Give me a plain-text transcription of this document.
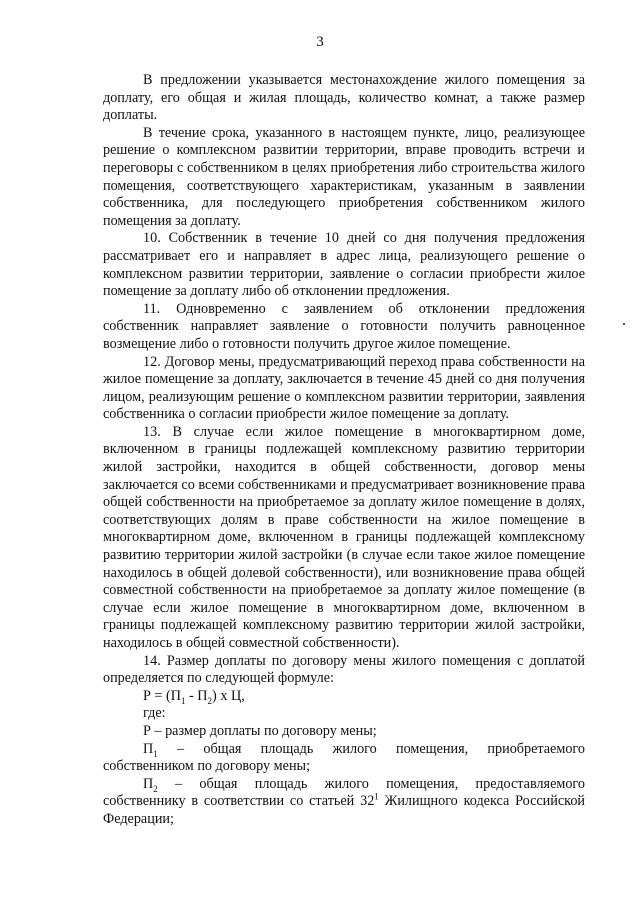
3

В предложении указывается местонахождение жилого помещения за доплату, его общая и жилая площадь, количество комнат, а также размер доплаты.

В течение срока, указанного в настоящем пункте, лицо, реализующее решение о комплексном развитии территории, вправе проводить встречи и переговоры с собственником в целях приобретения либо строительства жилого помещения, соответствующего характеристикам, указанным в заявлении собственника, для последующего приобретения собственником жилого помещения за доплату.

10. Собственник в течение 10 дней со дня получения предложения рассматривает его и направляет в адрес лица, реализующего решение о комплексном развитии территории, заявление о согласии приобрести жилое помещение за доплату либо об отклонении предложения.

11. Одновременно с заявлением об отклонении предложения собственник направляет заявление о готовности получить равноценное возмещение либо о готовности получить другое жилое помещение.

12. Договор мены, предусматривающий переход права собственности на жилое помещение за доплату, заключается в течение 45 дней со дня получения лицом, реализующим решение о комплексном развитии территории, заявления собственника о согласии приобрести жилое помещение за доплату.

13. В случае если жилое помещение в многоквартирном доме, включенном в границы подлежащей комплексному развитию территории жилой застройки, находится в общей собственности, договор мены заключается со всеми собственниками и предусматривает возникновение права общей собственности на приобретаемое за доплату жилое помещение в долях, соответствующих долям в праве собственности на жилое помещение в многоквартирном доме, включенном в границы подлежащей комплексному развитию территории жилой застройки (в случае если такое жилое помещение находилось в общей долевой собственности), или возникновение права общей совместной собственности на приобретаемое за доплату жилое помещение (в случае если жилое помещение в многоквартирном доме, включенном в границы подлежащей комплексному развитию территории жилой застройки, находилось в общей совместной собственности).

14. Размер доплаты по договору мены жилого помещения с доплатой определяется по следующей формуле:

$Р = (П_1 - П_2)$ х Ц,

где:

Р – размер доплаты по договору мены;

$П_1$ – общая площадь жилого помещения, приобретаемого собственником по договору мены;

$П_2$ – общая площадь жилого помещения, предоставляемого собственнику в соответствии со статьей $32^1$ Жилищного кодекса Российской Федерации;
